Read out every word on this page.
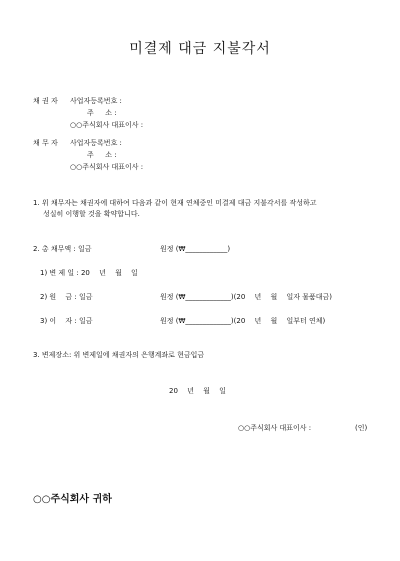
미결제 대금 지불각서
채 권 자 사업자등록번호 :
주 　 소 :
○○주식회사 대표이사 :
채 무 자 사업자등록번호 :
주 　 소 :
○○주식회사 대표이사 :
1. 위 채무자는 채권자에 대하여 다음과 같이 현재 연체중인 미결제 대금 지불각서를 작성하고
성실히 이행할 것을 확약합니다.
2. 총 채무액 : 일금	원정 (₩____________)
1) 변 제 일 : 20 　년 　월 　일
2) 원 　금 : 일금	원정 (₩_____________)(20 　년 　월 　일자 물품대금)
3) 이 　자 : 일금	원정 (₩_____________)(20 　년 　월 　일부터 연체)
3. 변제장소: 위 변제일에 채권자의 은행계좌로 현금입금
20 　년 　월 　일
○○주식회사 대표이사 :	(인)
○○주식회사 귀하
